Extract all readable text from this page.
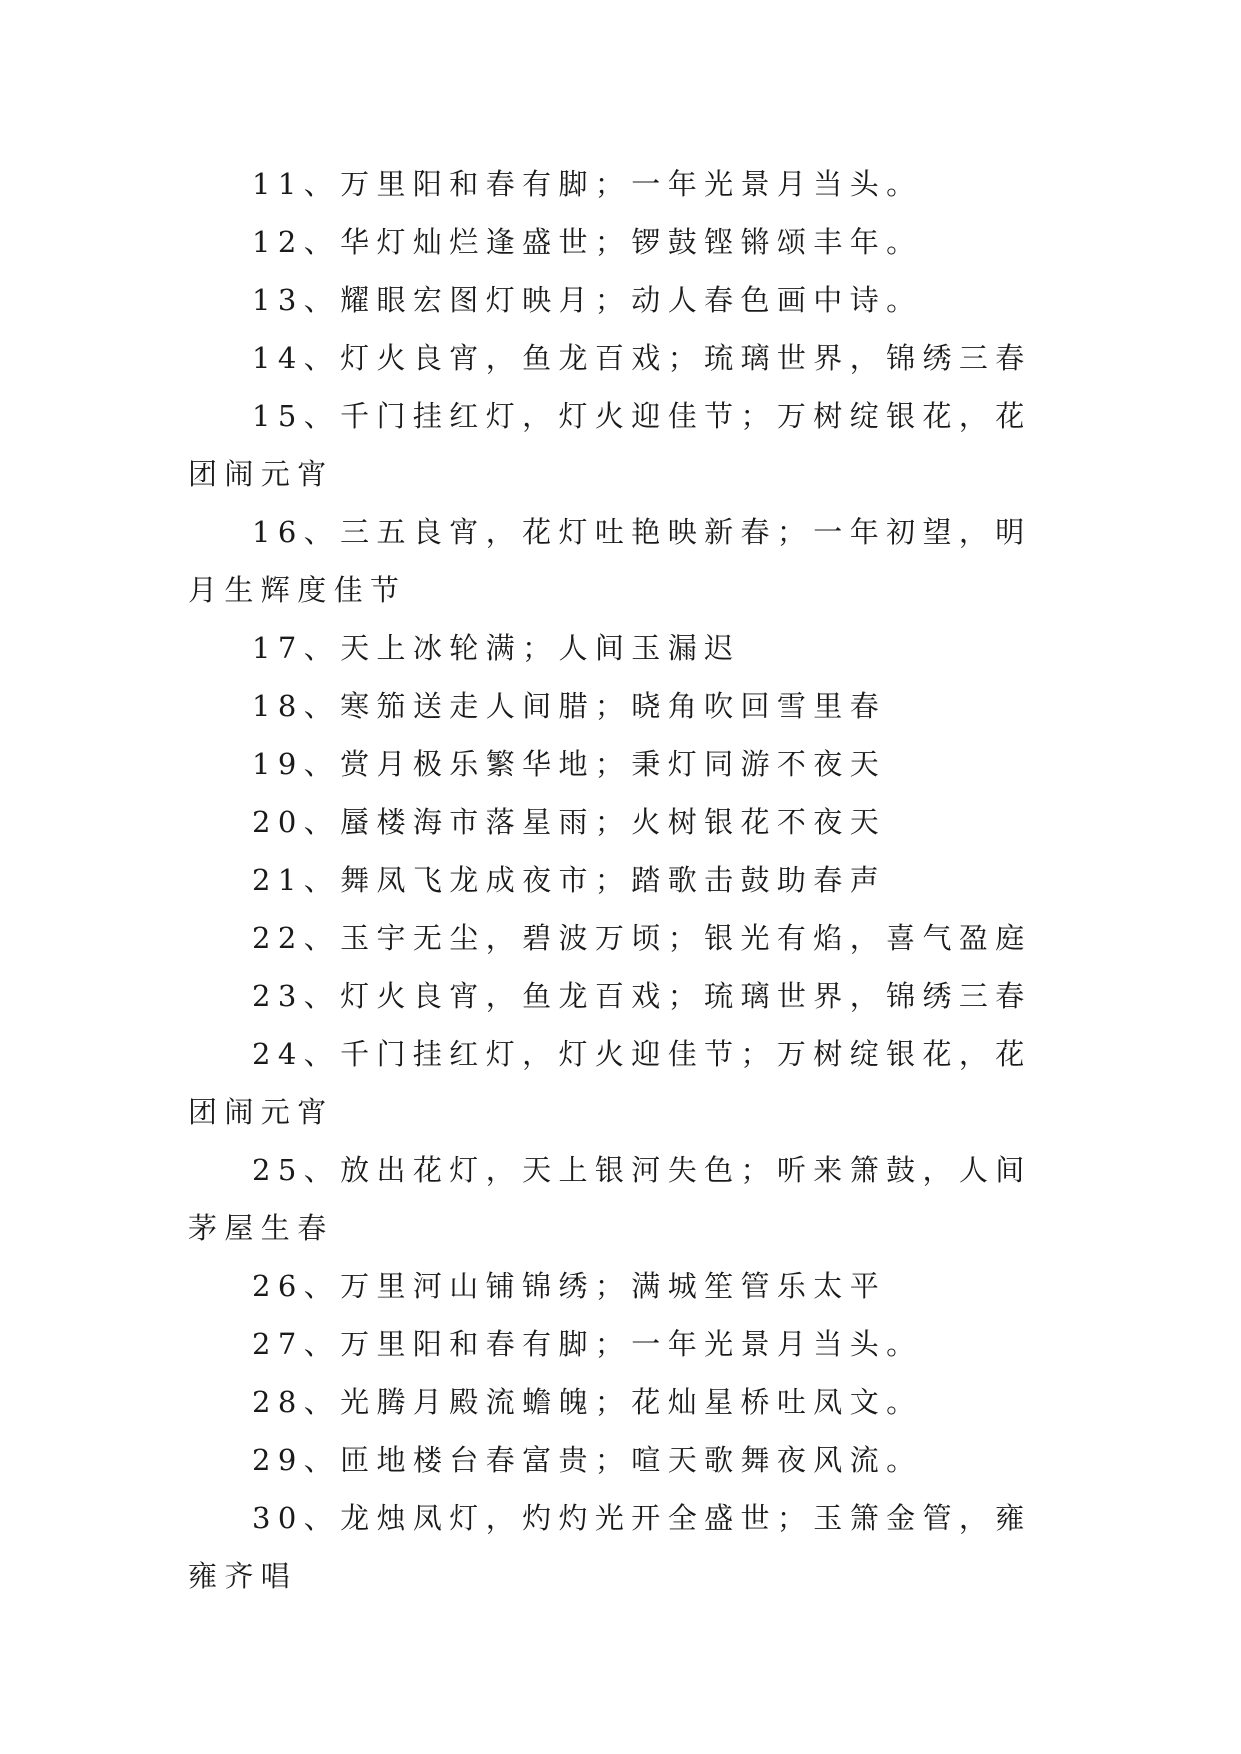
11、万里阳和春有脚；一年光景月当头。

12、华灯灿烂逢盛世；锣鼓铿锵颂丰年。

13、耀眼宏图灯映月；动人春色画中诗。

14、灯火良宵，鱼龙百戏；琉璃世界，锦绣三春

15、千门挂红灯，灯火迎佳节；万树绽银花，花团闹元宵

16、三五良宵，花灯吐艳映新春；一年初望，明月生辉度佳节

17、天上冰轮满；人间玉漏迟

18、寒笳送走人间腊；晓角吹回雪里春

19、赏月极乐繁华地；秉灯同游不夜天

20、蜃楼海市落星雨；火树银花不夜天

21、舞凤飞龙成夜市；踏歌击鼓助春声

22、玉宇无尘，碧波万顷；银光有焰，喜气盈庭

23、灯火良宵，鱼龙百戏；琉璃世界，锦绣三春

24、千门挂红灯，灯火迎佳节；万树绽银花，花团闹元宵

25、放出花灯，天上银河失色；听来箫鼓，人间茅屋生春

26、万里河山铺锦绣；满城笙管乐太平

27、万里阳和春有脚；一年光景月当头。

28、光腾月殿流蟾魄；花灿星桥吐凤文。

29、匝地楼台春富贵；喧天歌舞夜风流。

30、龙烛凤灯，灼灼光开全盛世；玉箫金管，雍雍齐唱
